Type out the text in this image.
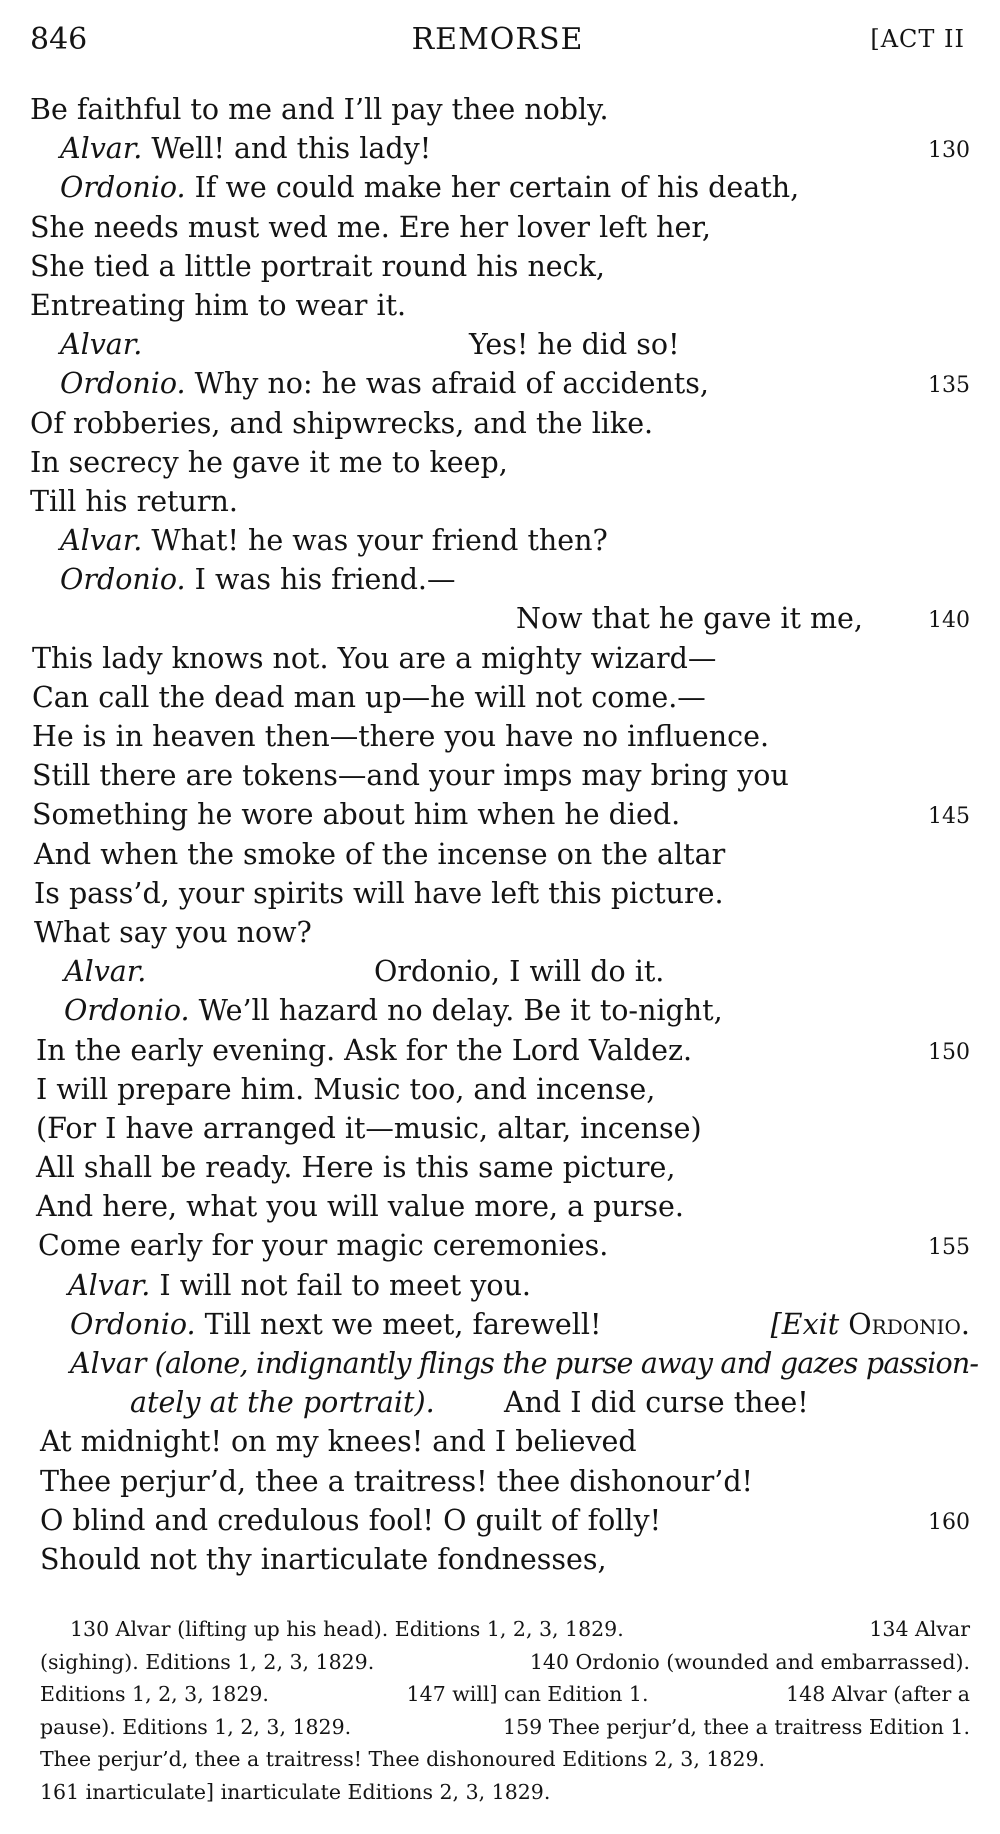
846	REMORSE	[ACT II
Be faithful to me and I’ll pay thee nobly.
Alvar. Well! and this lady!	130
Ordonio. If we could make her certain of his death,
She needs must wed me. Ere her lover left her,
She tied a little portrait round his neck,
Entreating him to wear it.
Alvar.	Yes! he did so!
Ordonio. Why no: he was afraid of accidents,	135
Of robberies, and shipwrecks, and the like.
In secrecy he gave it me to keep,
Till his return.
Alvar. What! he was your friend then?
Ordonio. I was his friend.—
Now that he gave it me,	140
This lady knows not. You are a mighty wizard—
Can call the dead man up—he will not come.—
He is in heaven then—there you have no influence.
Still there are tokens—and your imps may bring you
Something he wore about him when he died.	145
And when the smoke of the incense on the altar
Is pass’d, your spirits will have left this picture.
What say you now?
Alvar.	Ordonio, I will do it.
Ordonio. We’ll hazard no delay. Be it to-night,
In the early evening. Ask for the Lord Valdez.	150
I will prepare him. Music too, and incense,
(For I have arranged it—music, altar, incense)
All shall be ready. Here is this same picture,
And here, what you will value more, a purse.
Come early for your magic ceremonies.	155
Alvar. I will not fail to meet you.
Ordonio. Till next we meet, farewell!	[Exit Ordonio.
Alvar (alone, indignantly flings the purse away and gazes passion-
ately at the portrait). And I did curse thee!
At midnight! on my knees! and I believed
Thee perjur’d, thee a traitress! thee dishonour’d!
O blind and credulous fool! O guilt of folly!	160
Should not thy inarticulate fondnesses,
130 Alvar (lifting up his head). Editions 1, 2, 3, 1829.	134 Alvar
(sighing). Editions 1, 2, 3, 1829.	140 Ordonio (wounded and embarrassed).
Editions 1, 2, 3, 1829.	147 will] can Edition 1.	148 Alvar (after a
pause). Editions 1, 2, 3, 1829.	159 Thee perjur’d, thee a traitress Edition 1.
Thee perjur’d, thee a traitress! Thee dishonoured Editions 2, 3, 1829.
161 inarticulate] inarticulate Editions 2, 3, 1829.
